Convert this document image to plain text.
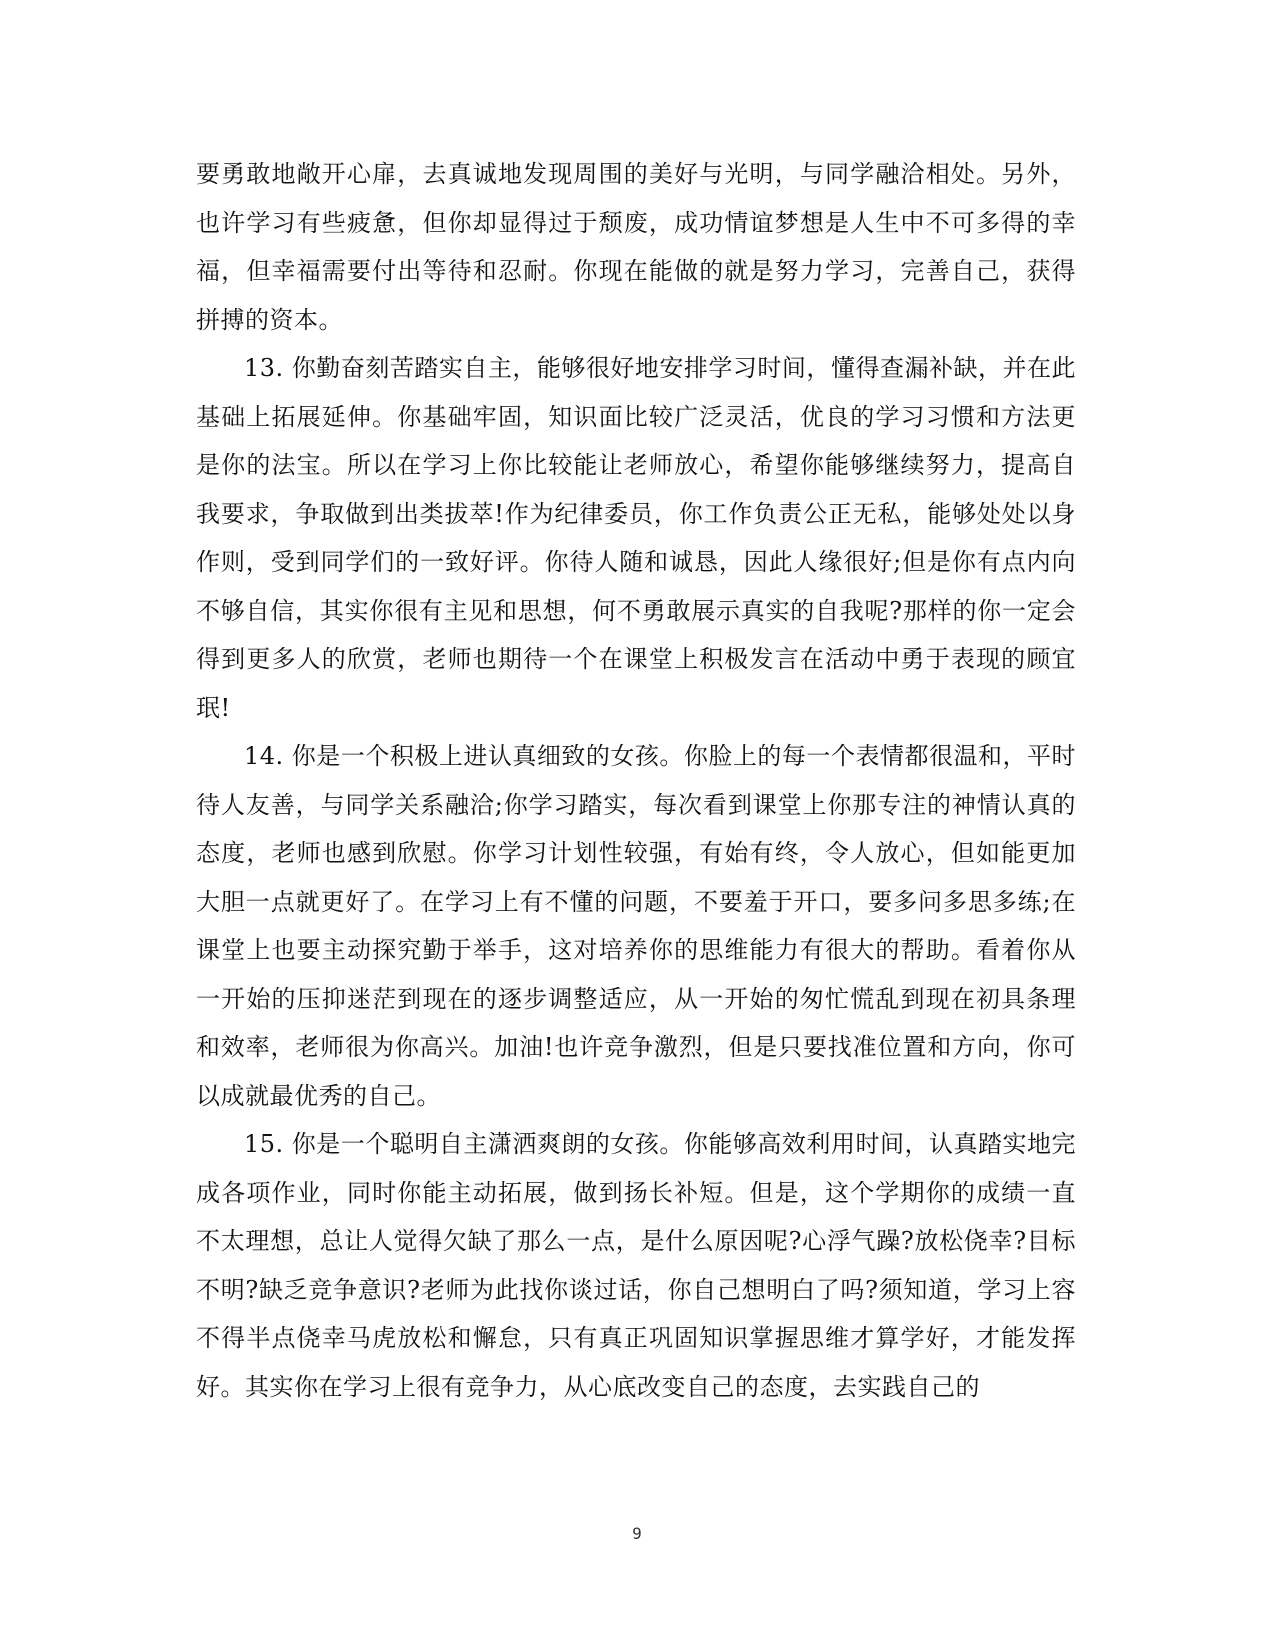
要勇敢地敞开心扉，去真诚地发现周围的美好与光明，与同学融洽相处。另外，也许学习有些疲惫，但你却显得过于颓废，成功情谊梦想是人生中不可多得的幸福，但幸福需要付出等待和忍耐。你现在能做的就是努力学习，完善自己，获得拼搏的资本。

13. 你勤奋刻苦踏实自主，能够很好地安排学习时间，懂得查漏补缺，并在此基础上拓展延伸。你基础牢固，知识面比较广泛灵活，优良的学习习惯和方法更是你的法宝。所以在学习上你比较能让老师放心，希望你能够继续努力，提高自我要求，争取做到出类拔萃!作为纪律委员，你工作负责公正无私，能够处处以身作则，受到同学们的一致好评。你待人随和诚恳，因此人缘很好;但是你有点内向不够自信，其实你很有主见和思想，何不勇敢展示真实的自我呢?那样的你一定会得到更多人的欣赏，老师也期待一个在课堂上积极发言在活动中勇于表现的顾宜珉!

14. 你是一个积极上进认真细致的女孩。你脸上的每一个表情都很温和，平时待人友善，与同学关系融洽;你学习踏实，每次看到课堂上你那专注的神情认真的态度，老师也感到欣慰。你学习计划性较强，有始有终，令人放心，但如能更加大胆一点就更好了。在学习上有不懂的问题，不要羞于开口，要多问多思多练;在课堂上也要主动探究勤于举手，这对培养你的思维能力有很大的帮助。看着你从一开始的压抑迷茫到现在的逐步调整适应，从一开始的匆忙慌乱到现在初具条理和效率，老师很为你高兴。加油!也许竞争激烈，但是只要找准位置和方向，你可以成就最优秀的自己。

15. 你是一个聪明自主潇洒爽朗的女孩。你能够高效利用时间，认真踏实地完成各项作业，同时你能主动拓展，做到扬长补短。但是，这个学期你的成绩一直不太理想，总让人觉得欠缺了那么一点，是什么原因呢?心浮气躁?放松侥幸?目标不明?缺乏竞争意识?老师为此找你谈过话，你自己想明白了吗?须知道，学习上容不得半点侥幸马虎放松和懈怠，只有真正巩固知识掌握思维才算学好，才能发挥好。其实你在学习上很有竞争力，从心底改变自己的态度，去实践自己的

9
